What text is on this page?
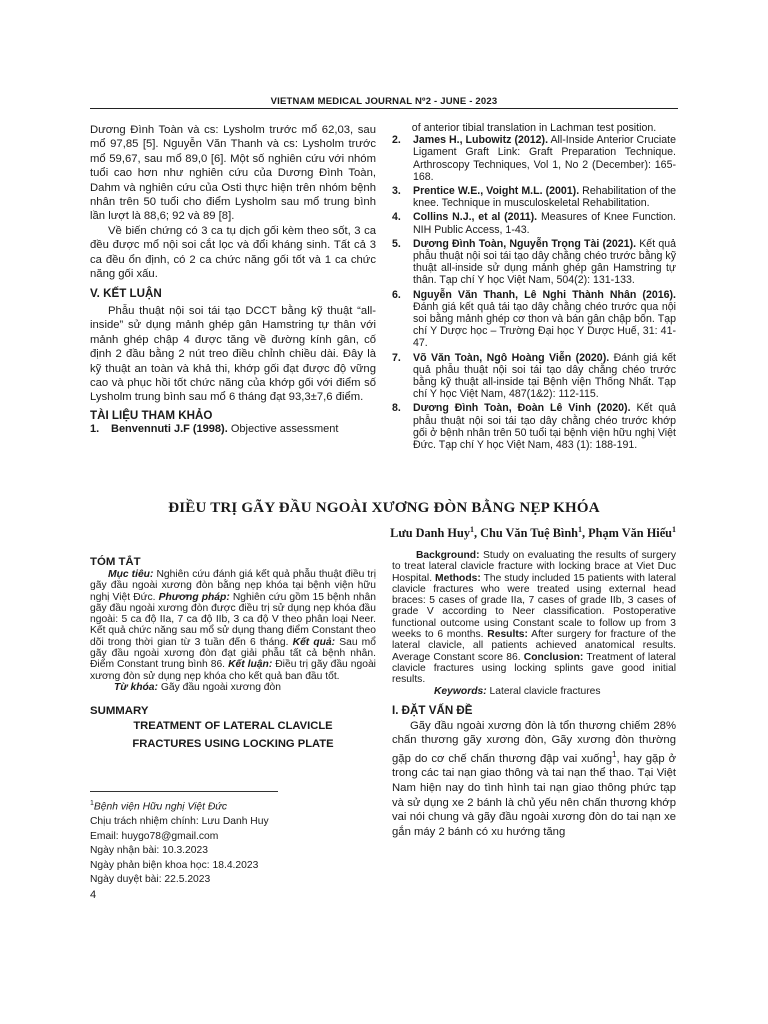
VIETNAM MEDICAL JOURNAL Nº2 - JUNE - 2023

Dương Đình Toàn và cs: Lysholm trước mổ 62,03, sau mổ 97,85 [5]. Nguyễn Văn Thanh và cs: Lysholm trước mổ 59,67, sau mổ 89,0 [6]. Một số nghiên cứu với nhóm tuổi cao hơn như nghiên cứu của Dương Đình Toàn, Dahm và nghiên cứu của Osti thực hiện trên nhóm bệnh nhân trên 50 tuổi cho điểm Lysholm sau mổ trung bình lần lượt là 88,6; 92 và 89 [8].

Về biến chứng có 3 ca tụ dịch gối kèm theo sốt, 3 ca đều được mổ nội soi cắt lọc và đổi kháng sinh. Tất cả 3 ca đều ổn định, có 2 ca chức năng gối tốt và 1 ca chức năng gối xấu.

V. KẾT LUẬN

Phẫu thuật nội soi tái tạo DCCT bằng kỹ thuật “all-inside” sử dụng mảnh ghép gân Hamstring tự thân với mảnh ghép chập 4 được tăng về đường kính gân, cố định 2 đầu bằng 2 nút treo điều chỉnh chiều dài. Đây là kỹ thuật an toàn và khả thi, khớp gối đạt được độ vững cao và phục hồi tốt chức năng của khớp gối với điểm số Lysholm trung bình sau mổ 6 tháng đạt 93,3±7,6 điểm.

TÀI LIỆU THAM KHẢO

1. Benvennuti J.F (1998). Objective assessment
of anterior tibial translation in Lachman test position.
2. James H., Lubowitz (2012). All-Inside Anterior Cruciate Ligament Graft Link: Graft Preparation Technique. Arthroscopy Techniques, Vol 1, No 2 (December): 165-168.
3. Prentice W.E., Voight M.L. (2001). Rehabilitation of the knee. Technique in musculoskeletal Rehabilitation.
4. Collins N.J., et al (2011). Measures of Knee Function. NIH Public Access, 1-43.
5. Dương Đình Toàn, Nguyễn Trọng Tài (2021). Kết quả phẫu thuật nội soi tái tạo dây chằng chéo trước bằng kỹ thuật all-inside sử dụng mảnh ghép gân Hamstring tự thân. Tạp chí Y học Việt Nam, 504(2): 131-133.
6. Nguyễn Văn Thanh, Lê Nghi Thành Nhân (2016). Đánh giá kết quả tái tạo dây chằng chéo trước qua nội soi bằng mảnh ghép cơ thon và bán gân chập bốn. Tạp chí Y Dược học – Trường Đại học Y Dược Huế, 31: 41-47.
7. Võ Văn Toàn, Ngô Hoàng Viễn (2020). Đánh giá kết quả phẫu thuật nội soi tái tạo dây chằng chéo trước bằng kỹ thuật all-inside tại Bệnh viện Thống Nhất. Tạp chí Y học Việt Nam, 487(1&2): 112-115.
8. Dương Đình Toàn, Đoàn Lê Vinh (2020). Kết quả phẫu thuật nội soi tái tạo dây chằng chéo trước khớp gối ở bệnh nhân trên 50 tuổi tại bệnh viện hữu nghị Việt Đức. Tạp chí Y học Việt Nam, 483 (1): 188-191.
ĐIỀU TRỊ GÃY ĐẦU NGOÀI XƯƠNG ĐÒN BẰNG NẸP KHÓA
Lưu Danh Huy$^1$, Chu Văn Tuệ Bình$^1$, Phạm Văn Hiếu$^1$

TÓM TẮT

Mục tiêu: Nghiên cứu đánh giá kết quả phẫu thuật điều trị gãy đầu ngoài xương đòn bằng nẹp khóa tại bệnh viện hữu nghị Việt Đức. Phương pháp: Nghiên cứu gồm 15 bệnh nhân gãy đầu ngoài xương đòn được điều trị sử dụng nẹp khóa đầu ngoài: 5 ca độ IIa, 7 ca độ IIb, 3 ca độ V theo phân loại Neer. Kết quả chức năng sau mổ sử dụng thang điểm Constant theo dõi trong thời gian từ 3 tuần đến 6 tháng. Kết quả: Sau mổ gãy đầu ngoài xương đòn đạt giải phẫu tất cả bệnh nhân. Điểm Constant trung bình 86. Kết luận: Điều trị gãy đầu ngoài xương đòn sử dụng nẹp khóa cho kết quả ban đầu tốt.

Từ khóa: Gãy đầu ngoài xương đòn

SUMMARY

TREATMENT OF LATERAL CLAVICLE
FRACTURES USING LOCKING PLATE

Background: Study on evaluating the results of surgery to treat lateral clavicle fracture with locking brace at Viet Duc Hospital. Methods: The study included 15 patients with lateral clavicle fractures who were treated using external head braces: 5 cases of grade IIa, 7 cases of grade IIb, 3 cases of grade V according to Neer classification. Postoperative functional outcome using Constant scale to follow up from 3 weeks to 6 months. Results: After surgery for fracture of the lateral clavicle, all patients achieved anatomical results. Average Constant score 86. Conclusion: Treatment of lateral clavicle fractures using locking splints gave good initial results.

Keywords: Lateral clavicle fractures

I. ĐẶT VẤN ĐỀ

Gãy đầu ngoài xương đòn là tổn thương chiếm 28% chấn thương gãy xương đòn, Gãy xương đòn thường gặp do cơ chế chấn thương đập vai xuống$^1$, hay gặp ở trong các tai nạn giao thông và tai nạn thể thao. Tại Việt Nam hiện nay do tình hình tai nạn giao thông phức tạp và sử dụng xe 2 bánh là chủ yếu nên chấn thương khớp vai nói chung và gãy đầu ngoài xương đòn do tai nạn xe gắn máy 2 bánh có xu hướng tăng

$^1$Bệnh viện Hữu nghị Việt Đức
Chịu trách nhiệm chính: Lưu Danh Huy
Email: huygo78@gmail.com
Ngày nhận bài: 10.3.2023
Ngày phản biện khoa học: 18.4.2023
Ngày duyệt bài: 22.5.2023
4
